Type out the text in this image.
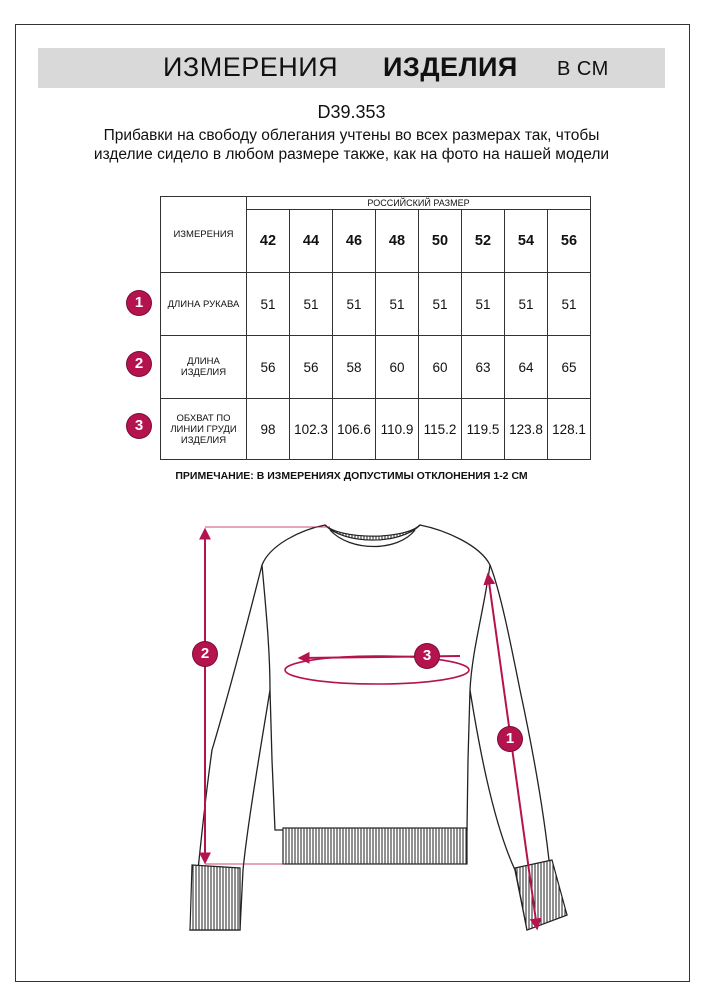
ИЗМЕРЕНИЯ ИЗДЕЛИЯ В СМ
D39.353
Прибавки на свободу облегания учтены во всех размерах так, чтобы изделие сидело в любом размере также, как на фото на нашей модели
ИЗМЕРЕНИЯ	РОССИЙСКИЙ РАЗМЕР							
	42	44	46	48	50	52	54	56
ДЛИНА РУКАВА	51	51	51	51	51	51	51	51
ДЛИНА ИЗДЕЛИЯ	56	56	58	60	60	63	64	65
ОБХВАТ ПО ЛИНИИ ГРУДИ ИЗДЕЛИЯ	98	102.3	106.6	110.9	115.2	119.5	123.8	128.1
1
2
3
ПРИМЕЧАНИЕ: В ИЗМЕРЕНИЯХ ДОПУСТИМЫ ОТКЛОНЕНИЯ 1-2 СМ
2	3
1
